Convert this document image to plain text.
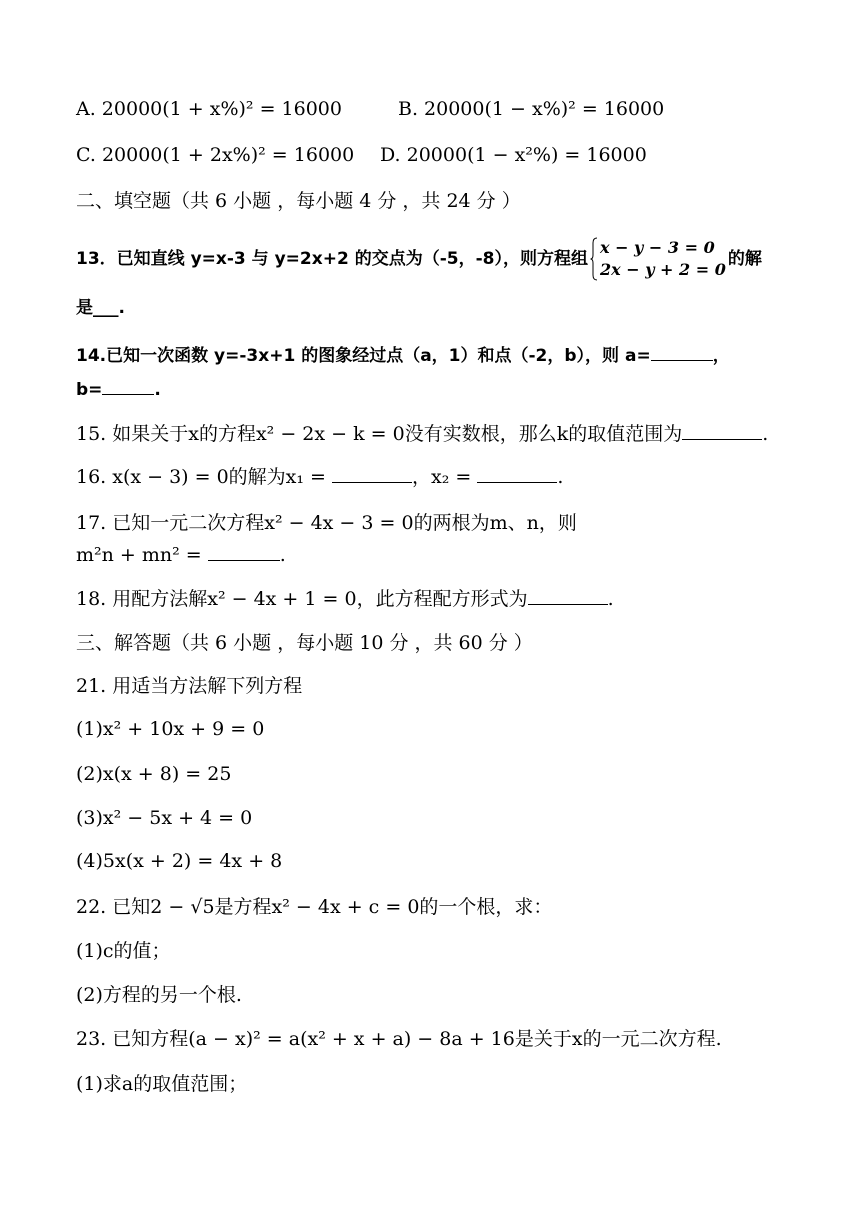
A. 20000(1 + x%)² = 16000	B. 20000(1 − x%)² = 16000
C. 20000(1 + 2x%)² = 16000 D. 20000(1 − x²%) = 16000
二、填空题（共 6 小题 ，每小题 4 分 ，共 24 分 ）
13．已知直线 y=x-3 与 y=2x+2 的交点为（-5，-8），则方程组
x − y − 3 = 0
2x − y + 2 = 0
的解
是___.
14.已知一次函数 y=-3x+1 的图象经过点（a，1）和点（-2，b），则 a=	，
b=	.
15. 如果关于x的方程x² − 2x − k = 0没有实数根，那么k的取值范围为	.
16. x(x − 3) = 0的解为x₁ =	，x₂ =	.
17. 已知一元二次方程x² − 4x − 3 = 0的两根为m、n，则
m²n + mn² =	.
18. 用配方法解x² − 4x + 1 = 0，此方程配方形式为	.
三、解答题（共 6 小题 ，每小题 10 分 ，共 60 分 ）
21. 用适当方法解下列方程
(1)x² + 10x + 9 = 0
(2)x(x + 8) = 25
(3)x² − 5x + 4 = 0
(4)5x(x + 2) = 4x + 8
22. 已知2 − √5是方程x² − 4x + c = 0的一个根，求：
(1)c的值；
(2)方程的另一个根.
23. 已知方程(a − x)² = a(x² + x + a) − 8a + 16是关于x的一元二次方程.
(1)求a的取值范围；
